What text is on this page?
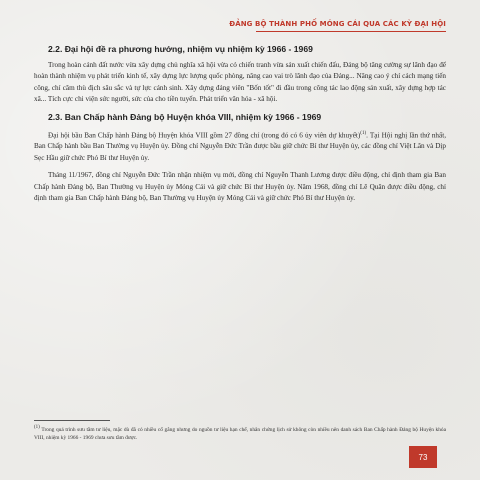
ĐẢNG BỘ THÀNH PHỐ MÓNG CÁI QUA CÁC KỲ ĐẠI HỘI
2.2. Đại hội đề ra phương hướng, nhiệm vụ nhiệm kỳ 1966 - 1969

Trong hoàn cảnh đất nước vừa xây dựng chủ nghĩa xã hội vừa có chiến tranh vừa sản xuất chiến đấu, Đảng bộ tăng cường sự lãnh đạo để hoàn thành nhiệm vụ phát triển kinh tế, xây dựng lực lượng quốc phòng, nâng cao vai trò lãnh đạo của Đảng... Nâng cao ý chí cách mạng tiến công, chí căm thù địch sâu sắc và tự lực cánh sinh. Xây dựng đảng viên "Bốn tốt" đi đầu trong công tác lao động sản xuất, xây dựng hợp tác xã... Tích cực chi viện sức người, sức của cho tiền tuyến. Phát triển văn hóa - xã hội.

2.3. Ban Chấp hành Đảng bộ Huyện khóa VIII, nhiệm kỳ 1966 - 1969

Đại hội bầu Ban Chấp hành Đảng bộ Huyện khóa VIII gồm 27 đồng chí (trong đó có 6 ủy viên dự khuyết)$^{(1)}$. Tại Hội nghị lần thứ nhất, Ban Chấp hành bầu Ban Thường vụ Huyện ủy. Đồng chí Nguyễn Đức Trần được bầu giữ chức Bí thư Huyện ủy, các đồng chí Việt Lân và Dịp Sẹc Hầu giữ chức Phó Bí thư Huyện ủy.

Tháng 11/1967, đồng chí Nguyễn Đức Trần nhận nhiệm vụ mới, đồng chí Nguyễn Thanh Lương được điều động, chỉ định tham gia Ban Chấp hành Đảng bộ, Ban Thường vụ Huyện ủy Móng Cái và giữ chức Bí thư Huyện ủy. Năm 1968, đồng chí Lê Quân được điều động, chỉ định tham gia Ban Chấp hành Đảng bộ, Ban Thường vụ Huyện ủy Móng Cái và giữ chức Phó Bí thư Huyện ủy.

$^{(1)}$ Trong quá trình sưu tầm tư liệu, mặc dù đã có nhiều cố gắng nhưng do nguồn tư liệu hạn chế, nhân chứng lịch sử không còn nhiều nên danh sách Ban Chấp hành Đảng bộ Huyện khóa VIII, nhiệm kỳ 1966 - 1969 chưa sưu tầm được.
73
